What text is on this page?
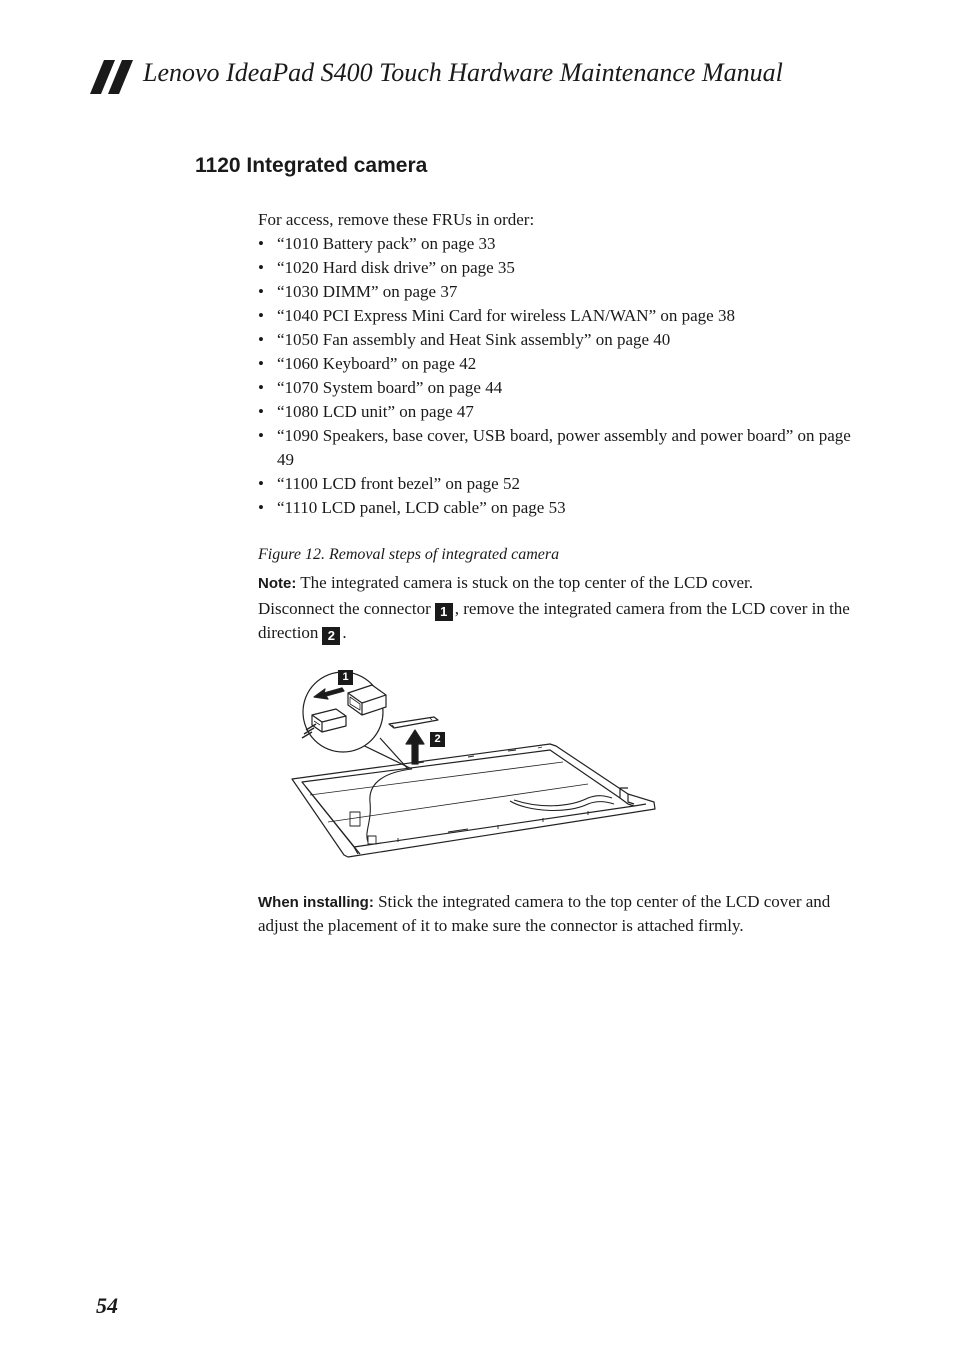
Lenovo IdeaPad S400 Touch Hardware Maintenance Manual
1120 Integrated camera

For access, remove these FRUs in order:

• “1010 Battery pack” on page 33
• “1020 Hard disk drive” on page 35
• “1030 DIMM” on page 37
• “1040 PCI Express Mini Card for wireless LAN/WAN” on page 38
• “1050 Fan assembly and Heat Sink assembly” on page 40
• “1060 Keyboard” on page 42
• “1070 System board” on page 44
• “1080 LCD unit” on page 47
• “1090 Speakers, base cover, USB board, power assembly and power board” on page 49
• “1100 LCD front bezel” on page 52
• “1110 LCD panel, LCD cable” on page 53
Figure 12. Removal steps of integrated camera
Note: The integrated camera is stuck on the top center of the LCD cover.
Disconnect the connector 1 , remove the integrated camera from the LCD cover in the direction 2 .
1
2
When installing: Stick the integrated camera to the top center of the LCD cover and adjust the placement of it to make sure the connector is attached firmly.
54
